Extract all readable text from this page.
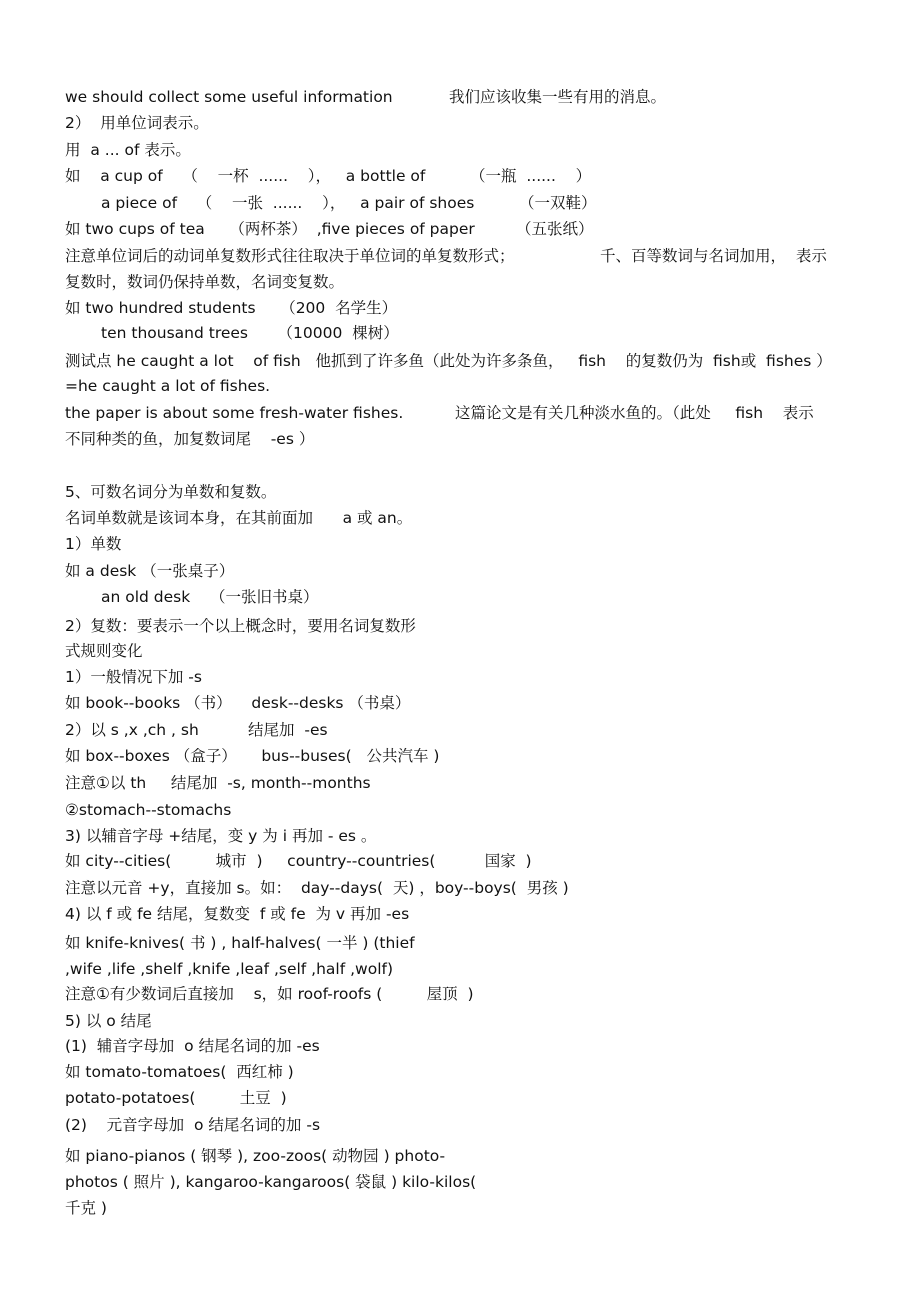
we should collect some useful information	我们应该收集一些有用的消息。
2）  用单位词表示。
用  a ... of 表示。
如    a cup of    （    一杯  ......    ），   a bottle of	（一瓶  ......    ）
a piece of    （    一张  ......    ），   a pair of shoes	（一双鞋）
如 two cups of tea     （两杯茶）  ,five pieces of paper	（五张纸）
注意单位词后的动词单复数形式往往取决于单位词的单复数形式；	千、百等数词与名词加用，  表示
复数时，数词仍保持单数，名词变复数。
如 two hundred students     （200  名学生）
ten thousand trees      （10000  棵树）
测试点 he caught a lot    of fish   他抓到了许多鱼（此处为许多条鱼，   fish    的复数仍为  fish或  fishes ）
=he caught a lot of fishes.
the paper is about some fresh-water fishes.	这篇论文是有关几种淡水鱼的。（此处     fish    表示
不同种类的鱼，加复数词尾    -es ）
5、可数名词分为单数和复数。
名词单数就是该词本身，在其前面加      a 或 an。
1）单数
如 a desk （一张桌子）
an old desk    （一张旧书桌）
2）复数：要表示一个以上概念时，要用名词复数形
式规则变化
1）一般情况下加 -s
如 book--books （书）    desk--desks （书桌）
2）以 s ,x ,ch , sh          结尾加  -es
如 box--boxes （盒子）     bus--buses(   公共汽车 )
注意①以 th     结尾加  -s, month--months
②stomach--stomachs
3) 以辅音字母 +结尾，变 y 为 i 再加 - es 。
如 city--cities(         城市  )     country--countries(          国家  )
注意以元音 +y，直接加 s。如：  day--days(  天) ，boy--boys(  男孩 )
4) 以 f 或 fe 结尾，复数变  f 或 fe  为 v 再加 -es
如 knife-knives( 书 ) , half-halves( 一半 ) (thief
,wife ,life ,shelf ,knife ,leaf ,self ,half ,wolf)
注意①有少数词后直接加    s，如 roof-roofs (         屋顶  )
5) 以 o 结尾
(1)  辅音字母加  o 结尾名词的加 -es
如 tomato-tomatoes(  西红柿 )
potato-potatoes(         土豆  )
(2)    元音字母加  o 结尾名词的加 -s
如 piano-pianos ( 钢琴 ), zoo-zoos( 动物园 ) photo-
photos ( 照片 ), kangaroo-kangaroos( 袋鼠 ) kilo-kilos(
千克 )
